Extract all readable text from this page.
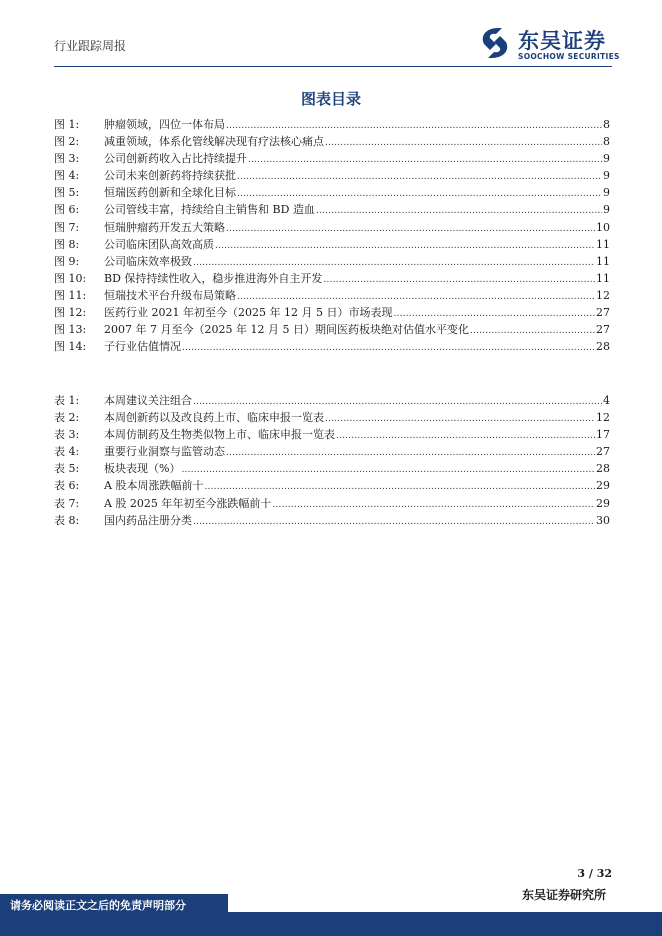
行业跟踪周报	东吴证券
SOOCHOW SECURITIES
图表目录
图 1:	肿瘤领域，四位一体布局 .....	8
图 2:	减重领域，体系化管线解决现有疗法核心痛点 .....	8
图 3:	公司创新药收入占比持续提升 .....	9
图 4:	公司未来创新药将持续获批 .....	9
图 5:	恒瑞医药创新和全球化目标 .....	9
图 6:	公司管线丰富，持续给自主销售和 BD 造血 .....	9
图 7:	恒瑞肿瘤药开发五大策略 .....	10
图 8:	公司临床团队高效高质 .....	11
图 9:	公司临床效率极致 .....	11
图 10:	BD 保持持续性收入，稳步推进海外自主开发 .....	11
图 11:	恒瑞技术平台升级布局策略 .....	12
图 12:	医药行业 2021 年初至今（2025 年 12 月 5 日）市场表现 .....	27
图 13:	2007 年 7 月至今（2025 年 12 月 5 日）期间医药板块绝对估值水平变化 .....	27
图 14:	子行业估值情况 .....	28
表 1:	本周建议关注组合 .....	4
表 2:	本周创新药以及改良药上市、临床申报一览表 .....	12
表 3:	本周仿制药及生物类似物上市、临床申报一览表 .....	17
表 4:	重要行业洞察与监管动态 .....	27
表 5:	板块表现（%） .....	28
表 6:	A 股本周涨跌幅前十 .....	29
表 7:	A 股 2025 年年初至今涨跌幅前十 .....	29
表 8:	国内药品注册分类 .....	30
3 / 32
东吴证券研究所
请务必阅读正文之后的免责声明部分
